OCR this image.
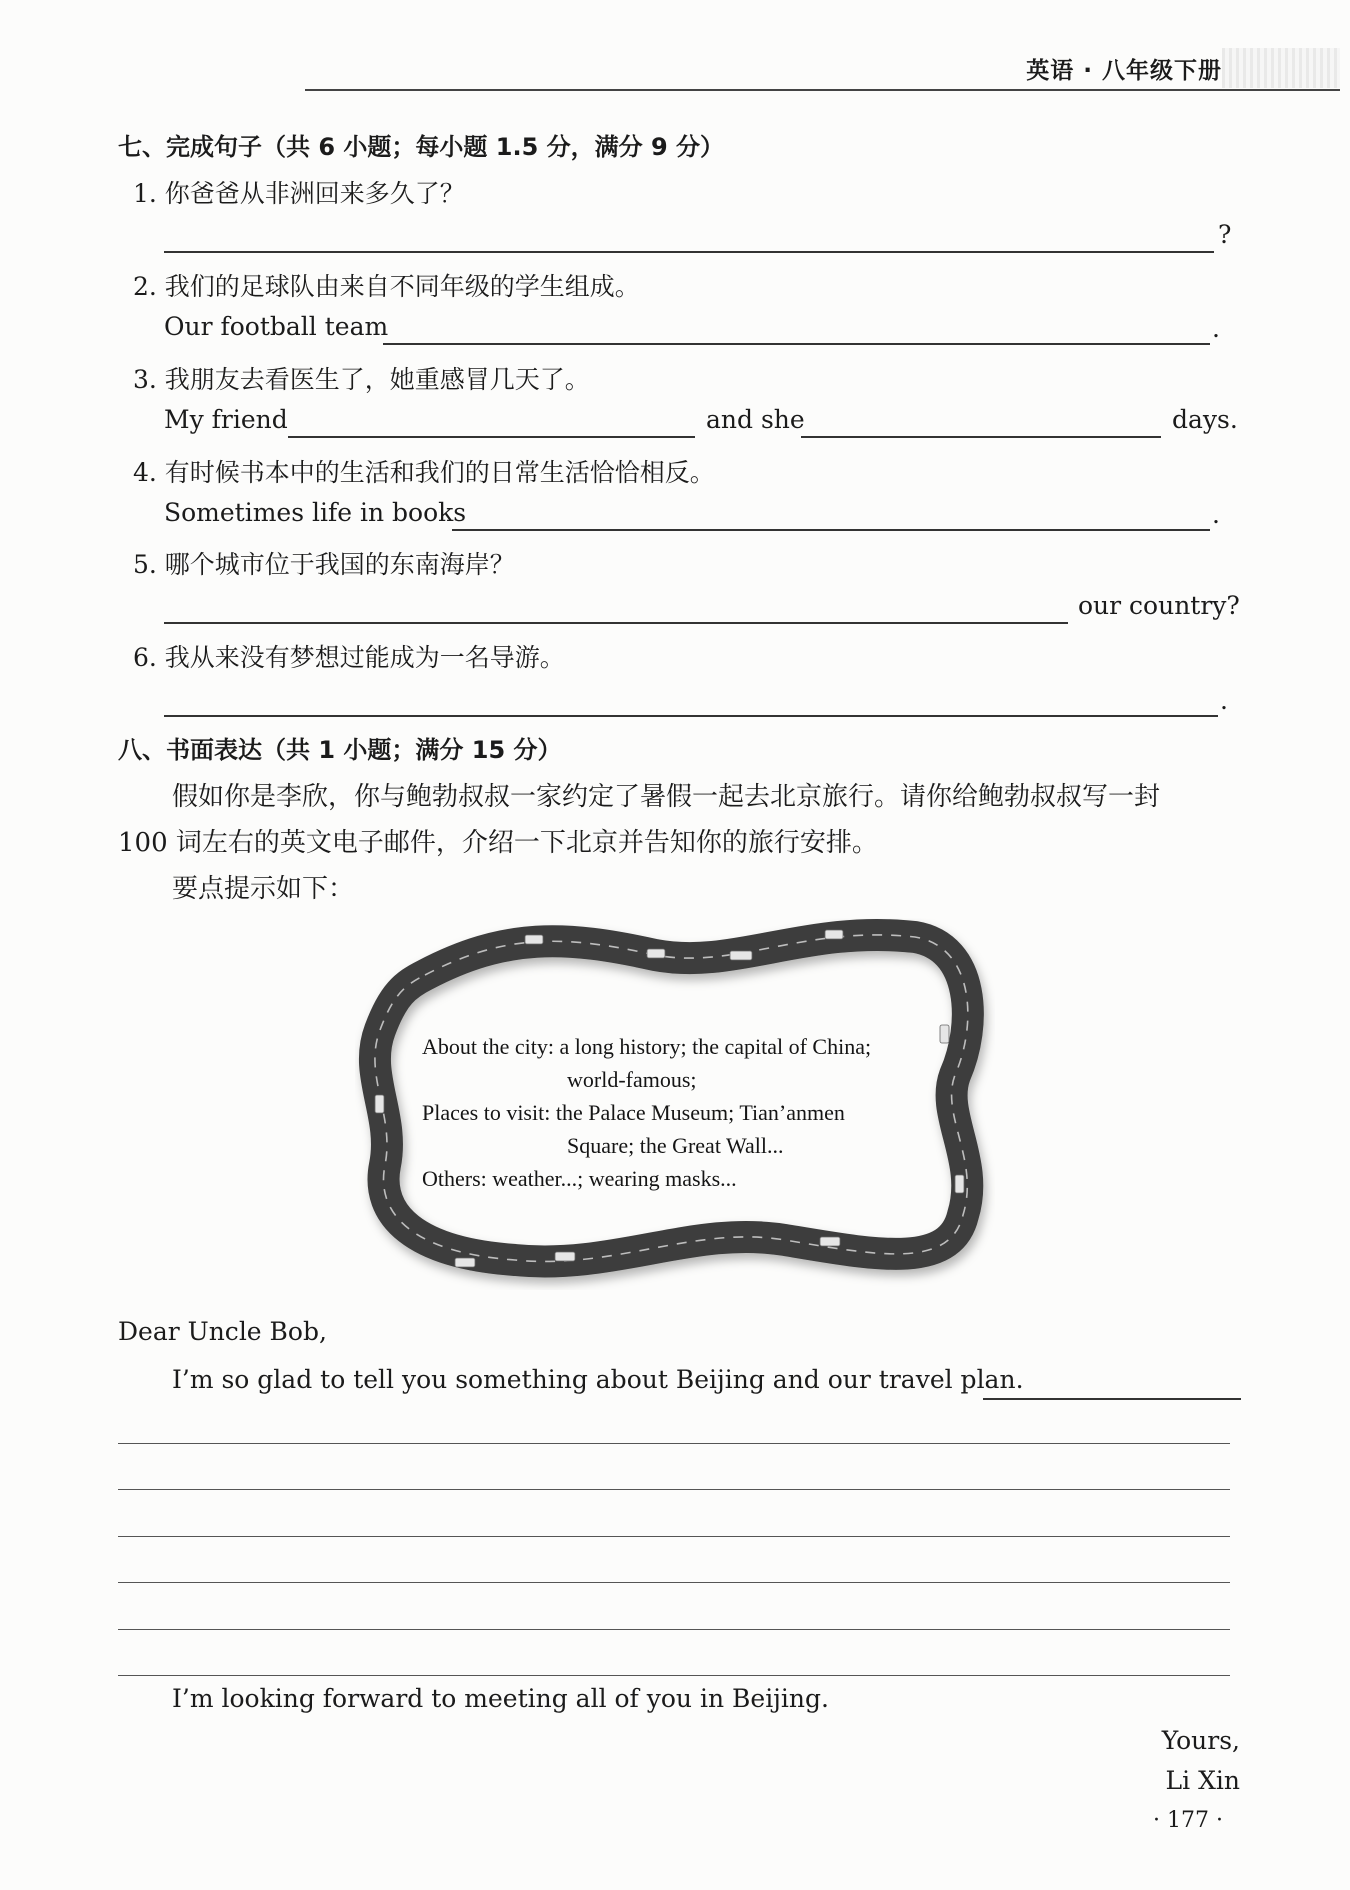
英语 · 八年级下册
七、完成句子（共 6 小题；每小题 1.5 分，满分 9 分）
1. 你爸爸从非洲回来多久了？
?
2. 我们的足球队由来自不同年级的学生组成。
Our football team	.
3. 我朋友去看医生了，她重感冒几天了。
My friend	and she	days.
4. 有时候书本中的生活和我们的日常生活恰恰相反。
Sometimes life in books	.
5. 哪个城市位于我国的东南海岸？
our country?
6. 我从来没有梦想过能成为一名导游。
.
八、书面表达（共 1 小题；满分 15 分）
假如你是李欣，你与鲍勃叔叔一家约定了暑假一起去北京旅行。请你给鲍勃叔叔写一封
100 词左右的英文电子邮件，介绍一下北京并告知你的旅行安排。
要点提示如下：
About the city: a long history; the capital of China;
world-famous;
Places to visit: the Palace Museum; Tian’anmen
Square; the Great Wall...
Others: weather...; wearing masks...
Dear Uncle Bob,
I’m so glad to tell you something about Beijing and our travel plan.
I’m looking forward to meeting all of you in Beijing.
Yours,
Li Xin
· 177 ·
